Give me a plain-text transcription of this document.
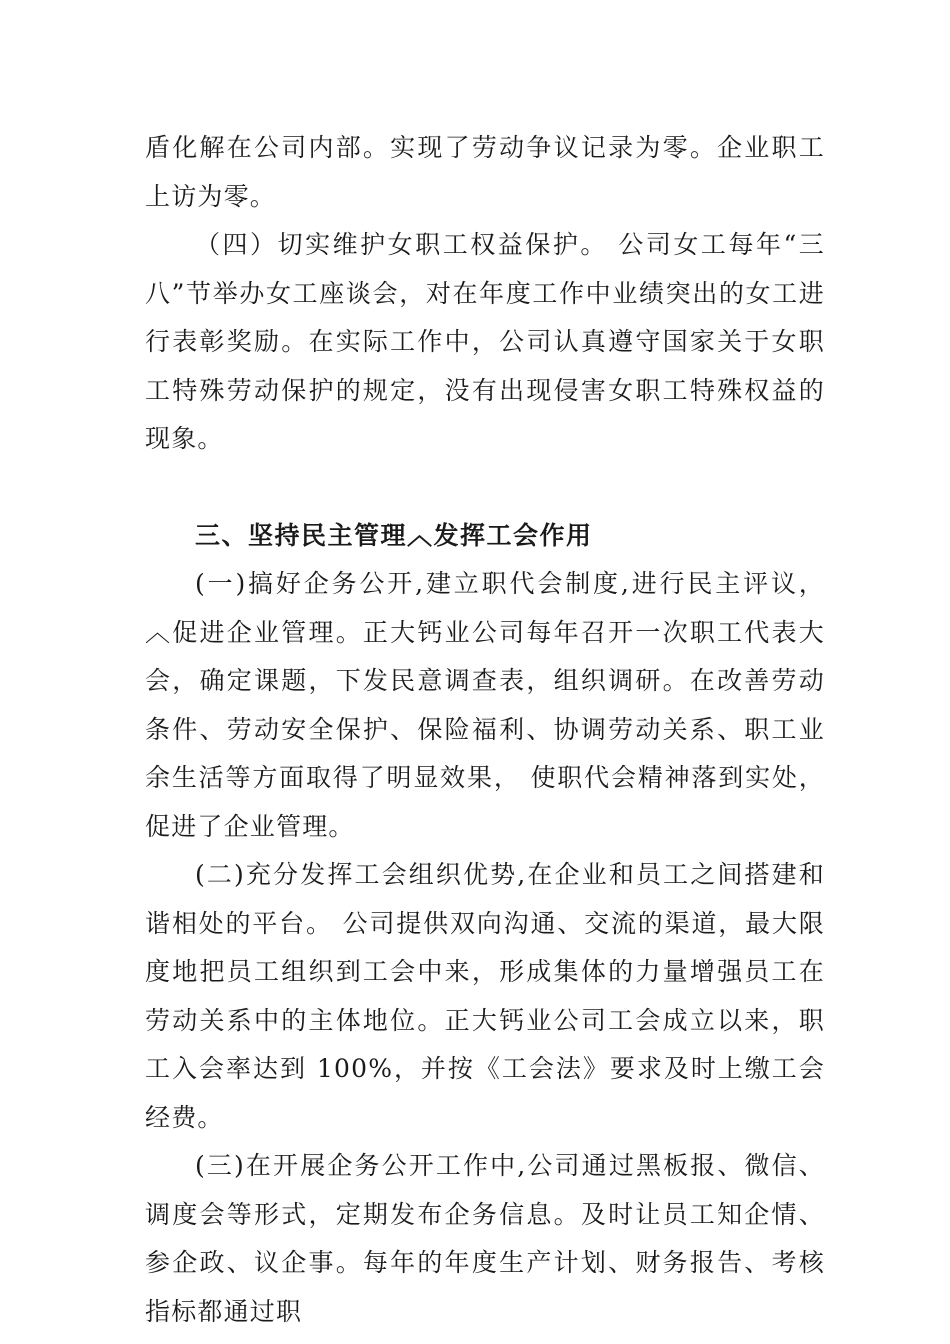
盾化解在公司内部。实现了劳动争议记录为零。企业职工上访为零。

（四）切实维护女职工权益保护。 公司女工每年“三八”节举办女工座谈会，对在年度工作中业绩突出的女工进行表彰奖励。在实际工作中，公司认真遵守国家关于女职工特殊劳动保护的规定，没有出现侵害女职工特殊权益的现象。

三、坚持民主管理︿发挥工会作用

(一)搞好企务公开,建立职代会制度,进行民主评议，︿促进企业管理。正大钙业公司每年召开一次职工代表大会，确定课题，下发民意调查表，组织调研。在改善劳动条件、劳动安全保护、保险福利、协调劳动关系、职工业余生活等方面取得了明显效果， 使职代会精神落到实处， 促进了企业管理。

(二)充分发挥工会组织优势,在企业和员工之间搭建和谐相处的平台。 公司提供双向沟通、交流的渠道，最大限度地把员工组织到工会中来，形成集体的力量增强员工在劳动关系中的主体地位。正大钙业公司工会成立以来，职工入会率达到 100%，并按《工会法》要求及时上缴工会经费。

(三)在开展企务公开工作中,公司通过黑板报、微信、调度会等形式，定期发布企务信息。及时让员工知企情、参企政、议企事。每年的年度生产计划、财务报告、考核指标都通过职
